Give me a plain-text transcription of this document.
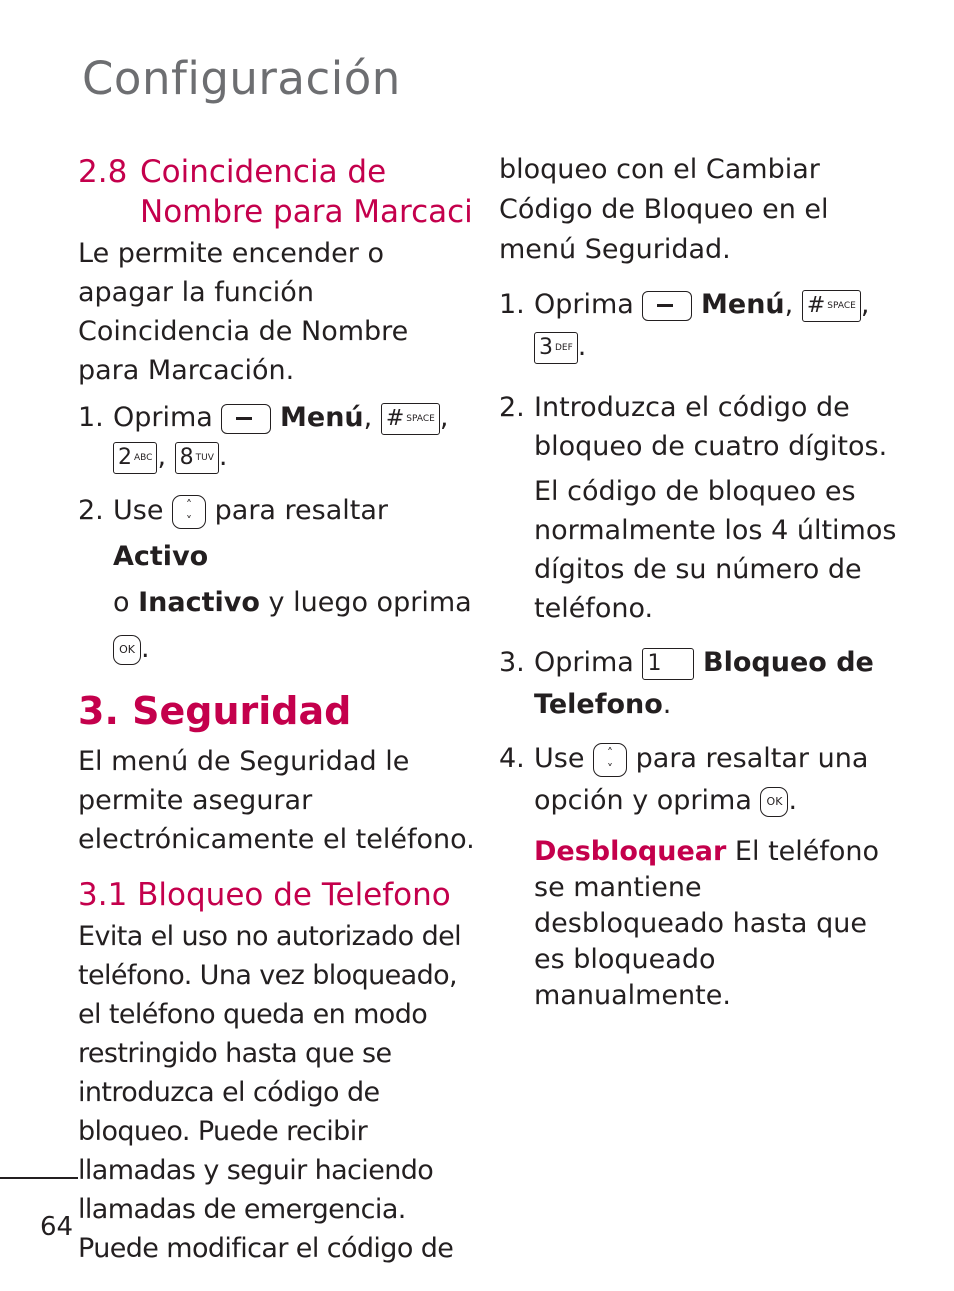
Configuración
2.8 Coincidencia de
Nombre para Marcaci

Le permite encender o apagar la función Coincidencia de Nombre para Marcación.

1. Oprima Menú, # SPACE ,
2 ABC , 8 TUV .
2. Use	˄
˅ para resaltar Activo
o Inactivo y luego oprima OK .
3. Seguridad

El menú de Seguridad le permite asegurar electrónicamente el teléfono.

3.1 Bloqueo de Telefono

Evita el uso no autorizado del teléfono. Una vez bloqueado, el teléfono queda en modo restringido hasta que se introduzca el código de bloqueo. Puede recibir llamadas y seguir haciendo llamadas de emergencia. Puede modificar el código de

bloqueo con el Cambiar Código de Bloqueo en el menú Seguridad.

1. Oprima Menú, # SPACE ,
3 DEF .
2. Introduzca el código de bloqueo de cuatro dígitos.

El código de bloqueo es normalmente los 4 últimos dígitos de su número de teléfono.

3. Oprima 1 Bloqueo de Telefono.
4. Use	˄
˅ para resaltar una opción y oprima OK .

Desbloquear El teléfono se mantiene desbloqueado hasta que es bloqueado manualmente.

64
